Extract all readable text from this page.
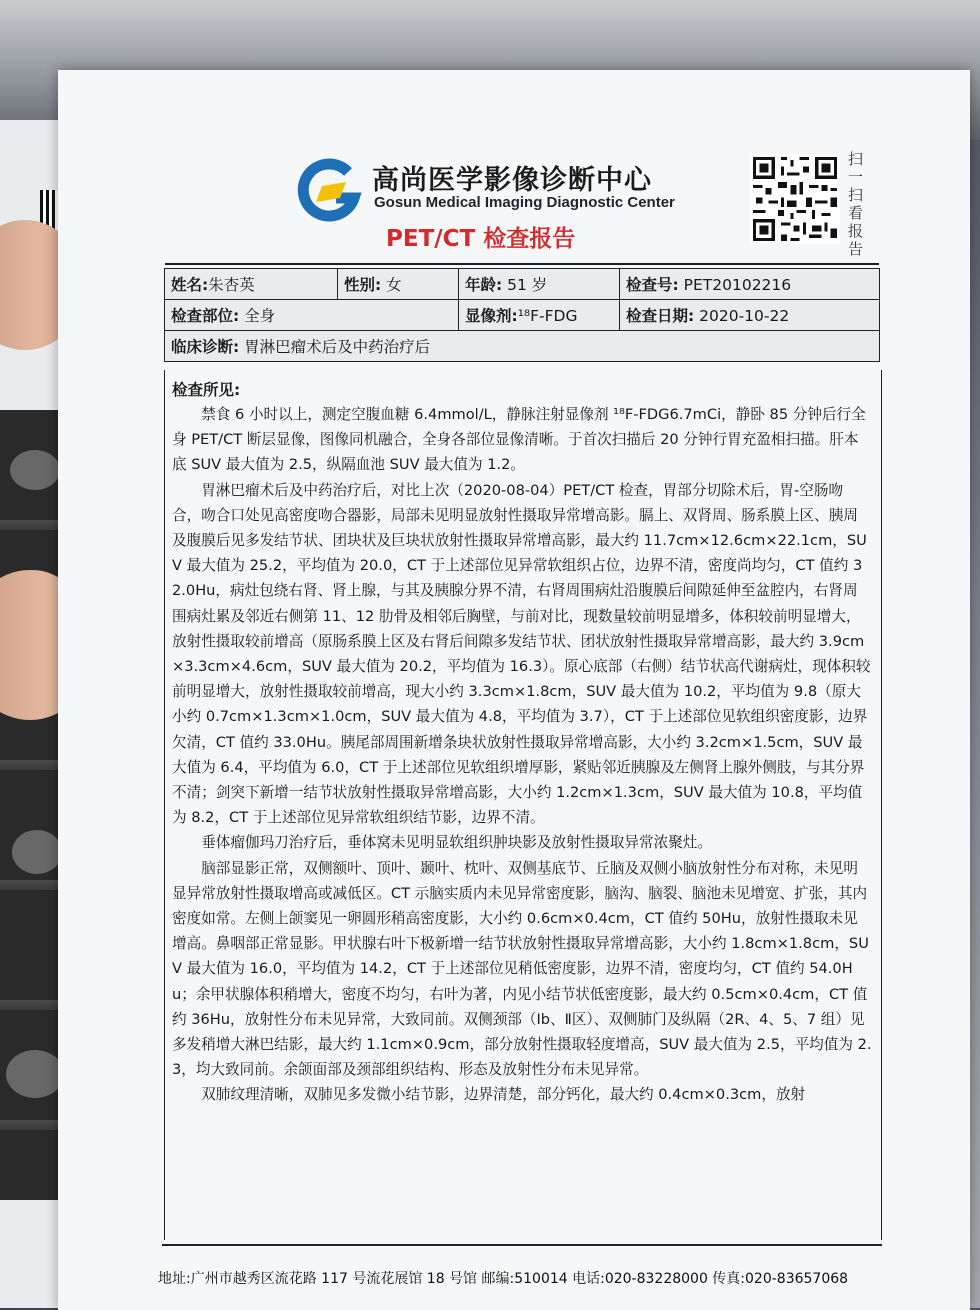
高尚医学影像诊断中心
Gosun Medical Imaging Diagnostic Center
PET/CT 检查报告
扫一扫看报告
姓名:朱杏英	性别: 女	年龄: 51 岁	检查号: PET20102216
检查部位: 全身		显像剂:¹⁸F-FDG	检查日期: 2020-10-22
临床诊断: 胃淋巴瘤术后及中药治疗后			
检查所见:

禁食 6 小时以上，测定空腹血糖 6.4mmol/L，静脉注射显像剂 ¹⁸F-FDG6.7mCi，静卧 85 分钟后行全身 PET/CT 断层显像，图像同机融合，全身各部位显像清晰。于首次扫描后 20 分钟行胃充盈相扫描。肝本底 SUV 最大值为 2.5，纵隔血池 SUV 最大值为 1.2。

胃淋巴瘤术后及中药治疗后，对比上次（2020-08-04）PET/CT 检查，胃部分切除术后，胃-空肠吻合，吻合口处见高密度吻合器影，局部未见明显放射性摄取异常增高影。膈上、双肾周、肠系膜上区、胰周及腹膜后见多发结节状、团块状及巨块状放射性摄取异常增高影，最大约 11.7cm×12.6cm×22.1cm，SUV 最大值为 25.2，平均值为 20.0，CT 于上述部位见异常软组织占位，边界不清，密度尚均匀，CT 值约 32.0Hu，病灶包绕右肾、肾上腺，与其及胰腺分界不清，右肾周围病灶沿腹膜后间隙延伸至盆腔内，右肾周围病灶累及邻近右侧第 11、12 肋骨及相邻后胸壁，与前对比，现数量较前明显增多，体积较前明显增大，放射性摄取较前增高（原肠系膜上区及右肾后间隙多发结节状、团状放射性摄取异常增高影，最大约 3.9cm×3.3cm×4.6cm，SUV 最大值为 20.2，平均值为 16.3）。原心底部（右侧）结节状高代谢病灶，现体积较前明显增大，放射性摄取较前增高，现大小约 3.3cm×1.8cm，SUV 最大值为 10.2，平均值为 9.8（原大小约 0.7cm×1.3cm×1.0cm，SUV 最大值为 4.8，平均值为 3.7），CT 于上述部位见软组织密度影，边界欠清，CT 值约 33.0Hu。胰尾部周围新增条块状放射性摄取异常增高影，大小约 3.2cm×1.5cm，SUV 最大值为 6.4，平均值为 6.0，CT 于上述部位见软组织增厚影，紧贴邻近胰腺及左侧肾上腺外侧肢，与其分界不清；剑突下新增一结节状放射性摄取异常增高影，大小约 1.2cm×1.3cm，SUV 最大值为 10.8，平均值为 8.2，CT 于上述部位见异常软组织结节影，边界不清。

垂体瘤伽玛刀治疗后，垂体窝未见明显软组织肿块影及放射性摄取异常浓聚灶。

脑部显影正常，双侧额叶、顶叶、颞叶、枕叶、双侧基底节、丘脑及双侧小脑放射性分布对称，未见明显异常放射性摄取增高或减低区。CT 示脑实质内未见异常密度影，脑沟、脑裂、脑池未见增宽、扩张，其内密度如常。左侧上颌窦见一卵圆形稍高密度影，大小约 0.6cm×0.4cm，CT 值约 50Hu，放射性摄取未见增高。鼻咽部正常显影。甲状腺右叶下极新增一结节状放射性摄取异常增高影，大小约 1.8cm×1.8cm，SUV 最大值为 16.0，平均值为 14.2，CT 于上述部位见稍低密度影，边界不清，密度均匀，CT 值约 54.0Hu；余甲状腺体积稍增大，密度不均匀，右叶为著，内见小结节状低密度影，最大约 0.5cm×0.4cm，CT 值约 36Hu，放射性分布未见异常，大致同前。双侧颈部（Ⅰb、Ⅱ区）、双侧肺门及纵隔（2R、4、5、7 组）见多发稍增大淋巴结影，最大约 1.1cm×0.9cm，部分放射性摄取轻度增高，SUV 最大值为 2.5，平均值为 2.3，均大致同前。余颌面部及颈部组织结构、形态及放射性分布未见异常。

双肺纹理清晰，双肺见多发微小结节影，边界清楚，部分钙化，最大约 0.4cm×0.3cm，放射

地址:广州市越秀区流花路 117 号流花展馆 18 号馆 邮编:510014 电话:020-83228000 传真:020-83657068
